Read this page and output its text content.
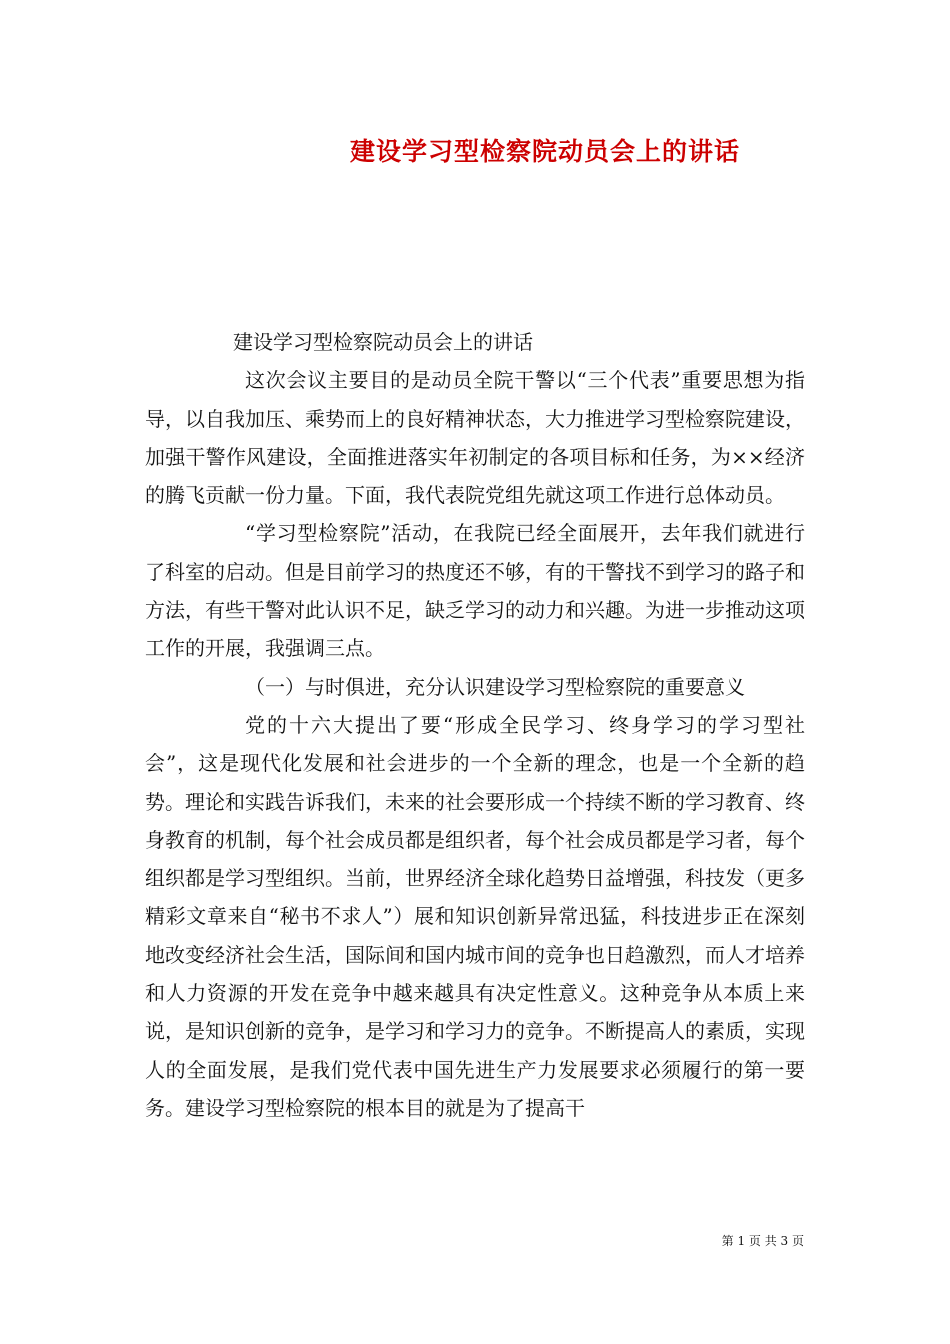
建设学习型检察院动员会上的讲话

建设学习型检察院动员会上的讲话

这次会议主要目的是动员全院干警以“三个代表”重要思想为指导，以自我加压、乘势而上的良好精神状态，大力推进学习型检察院建设，加强干警作风建设，全面推进落实年初制定的各项目标和任务，为××经济的腾飞贡献一份力量。下面，我代表院党组先就这项工作进行总体动员。

“学习型检察院”活动，在我院已经全面展开，去年我们就进行了科室的启动。但是目前学习的热度还不够，有的干警找不到学习的路子和方法，有些干警对此认识不足，缺乏学习的动力和兴趣。为进一步推动这项工作的开展，我强调三点。

（一）与时俱进，充分认识建设学习型检察院的重要意义

党的十六大提出了要“形成全民学习、终身学习的学习型社会”，这是现代化发展和社会进步的一个全新的理念，也是一个全新的趋势。理论和实践告诉我们，未来的社会要形成一个持续不断的学习教育、终身教育的机制，每个社会成员都是组织者，每个社会成员都是学习者，每个组织都是学习型组织。当前，世界经济全球化趋势日益增强，科技发（更多精彩文章来自“秘书不求人”）展和知识创新异常迅猛，科技进步正在深刻地改变经济社会生活，国际间和国内城市间的竞争也日趋激烈，而人才培养和人力资源的开发在竞争中越来越具有决定性意义。这种竞争从本质上来说，是知识创新的竞争，是学习和学习力的竞争。不断提高人的素质，实现人的全面发展，是我们党代表中国先进生产力发展要求必须履行的第一要务。建设学习型检察院的根本目的就是为了提高干

第 1 页 共 3 页
